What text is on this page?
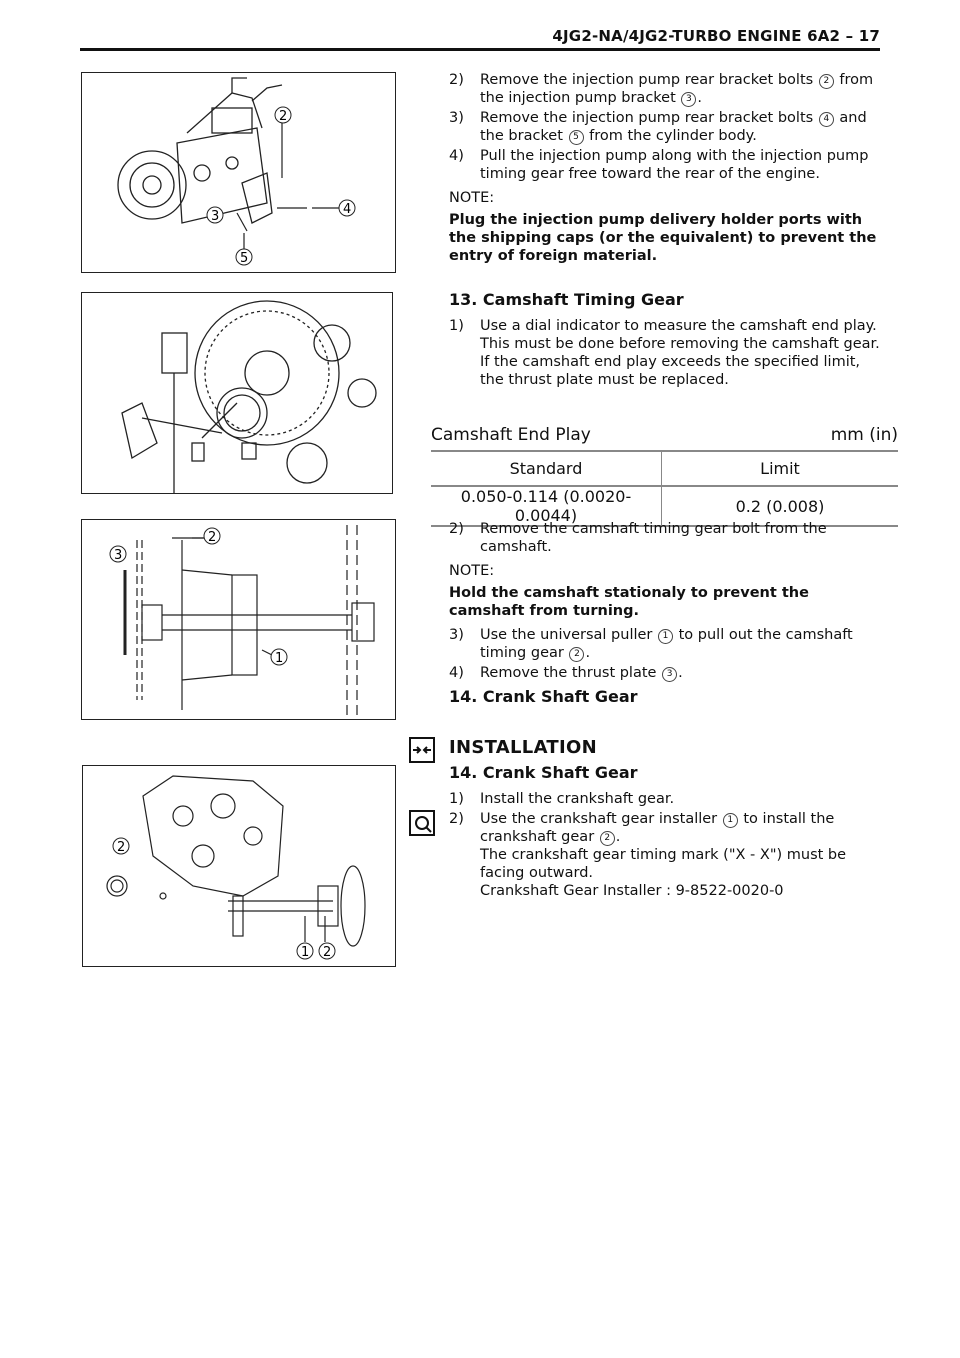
4JG2-NA/4JG2-TURBO ENGINE 6A2 – 17
2
3	4
5
2
3
1
2
1 2

2) Remove the injection pump rear bracket bolts 2 from the injection pump bracket 3 .

3) Remove the injection pump rear bracket bolts 4 and the bracket 5 from the cylinder body.

4) Pull the injection pump along with the injection pump timing gear free toward the rear of the engine.

NOTE:

Plug the injection pump delivery holder ports with the shipping caps (or the equivalent) to prevent the entry of foreign material.

13. Camshaft Timing Gear

1) Use a dial indicator to measure the camshaft end play.
This must be done before removing the camshaft gear.
If the camshaft end play exceeds the specified limit, the thrust plate must be replaced.
Camshaft End Play	mm (in)
Standard	Limit
0.050-0.114 (0.0020-0.0044)	0.2 (0.008)

2) Remove the camshaft timing gear bolt from the camshaft.

NOTE:

Hold the camshaft stationaly to prevent the camshaft from turning.

3) Use the universal puller 1 to pull out the camshaft timing gear 2 .

4) Remove the thrust plate 3 .

14. Crank Shaft Gear

INSTALLATION

14. Crank Shaft Gear

1) Install the crankshaft gear.

2) Use the crankshaft gear installer 1 to install the crankshaft gear 2 .
The crankshaft gear timing mark ("X - X") must be facing outward.
Crankshaft Gear Installer : 9-8522-0020-0
